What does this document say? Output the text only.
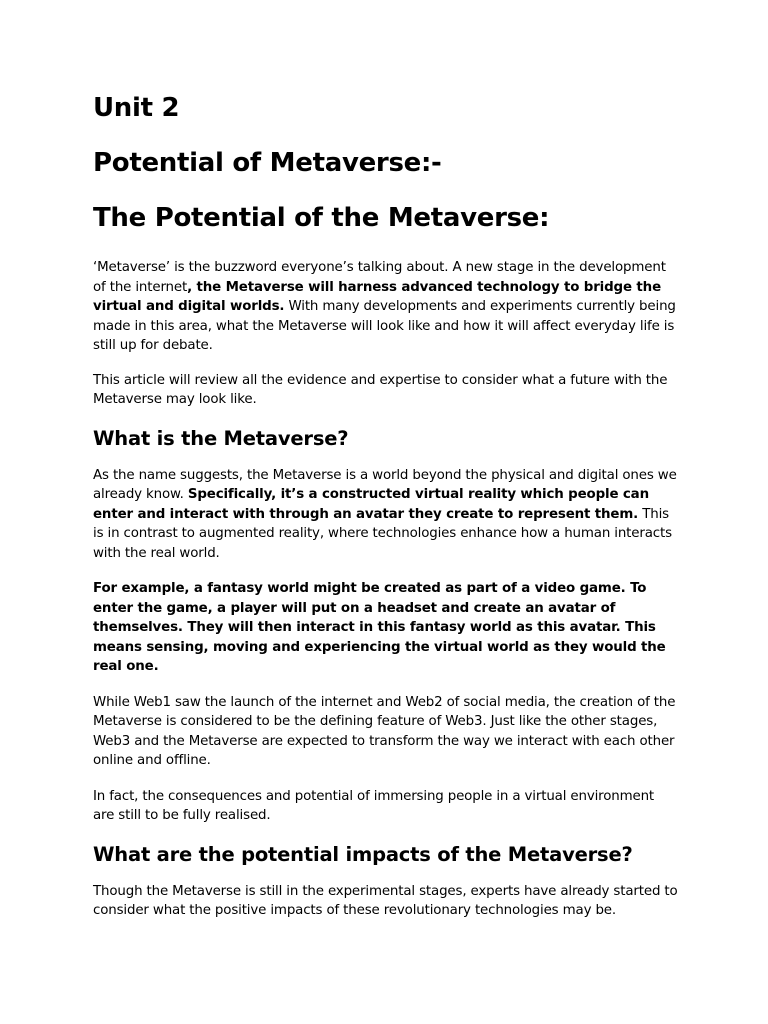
Unit 2
Potential of Metaverse:-
The Potential of the Metaverse:

‘Metaverse’ is the buzzword everyone’s talking about. A new stage in the development of the internet, the Metaverse will harness advanced technology to bridge the virtual and digital worlds. With many developments and experiments currently being made in this area, what the Metaverse will look like and how it will affect everyday life is still up for debate.

This article will review all the evidence and expertise to consider what a future with the Metaverse may look like.

What is the Metaverse?

As the name suggests, the Metaverse is a world beyond the physical and digital ones we already know. Specifically, it’s a constructed virtual reality which people can enter and interact with through an avatar they create to represent them. This is in contrast to augmented reality, where technologies enhance how a human interacts with the real world.

For example, a fantasy world might be created as part of a video game. To enter the game, a player will put on a headset and create an avatar of themselves. They will then interact in this fantasy world as this avatar. This means sensing, moving and experiencing the virtual world as they would the real one.

While Web1 saw the launch of the internet and Web2 of social media, the creation of the Metaverse is considered to be the defining feature of Web3. Just like the other stages, Web3 and the Metaverse are expected to transform the way we interact with each other online and offline.

In fact, the consequences and potential of immersing people in a virtual environment are still to be fully realised.

What are the potential impacts of the Metaverse?

Though the Metaverse is still in the experimental stages, experts have already started to consider what the positive impacts of these revolutionary technologies may be.
